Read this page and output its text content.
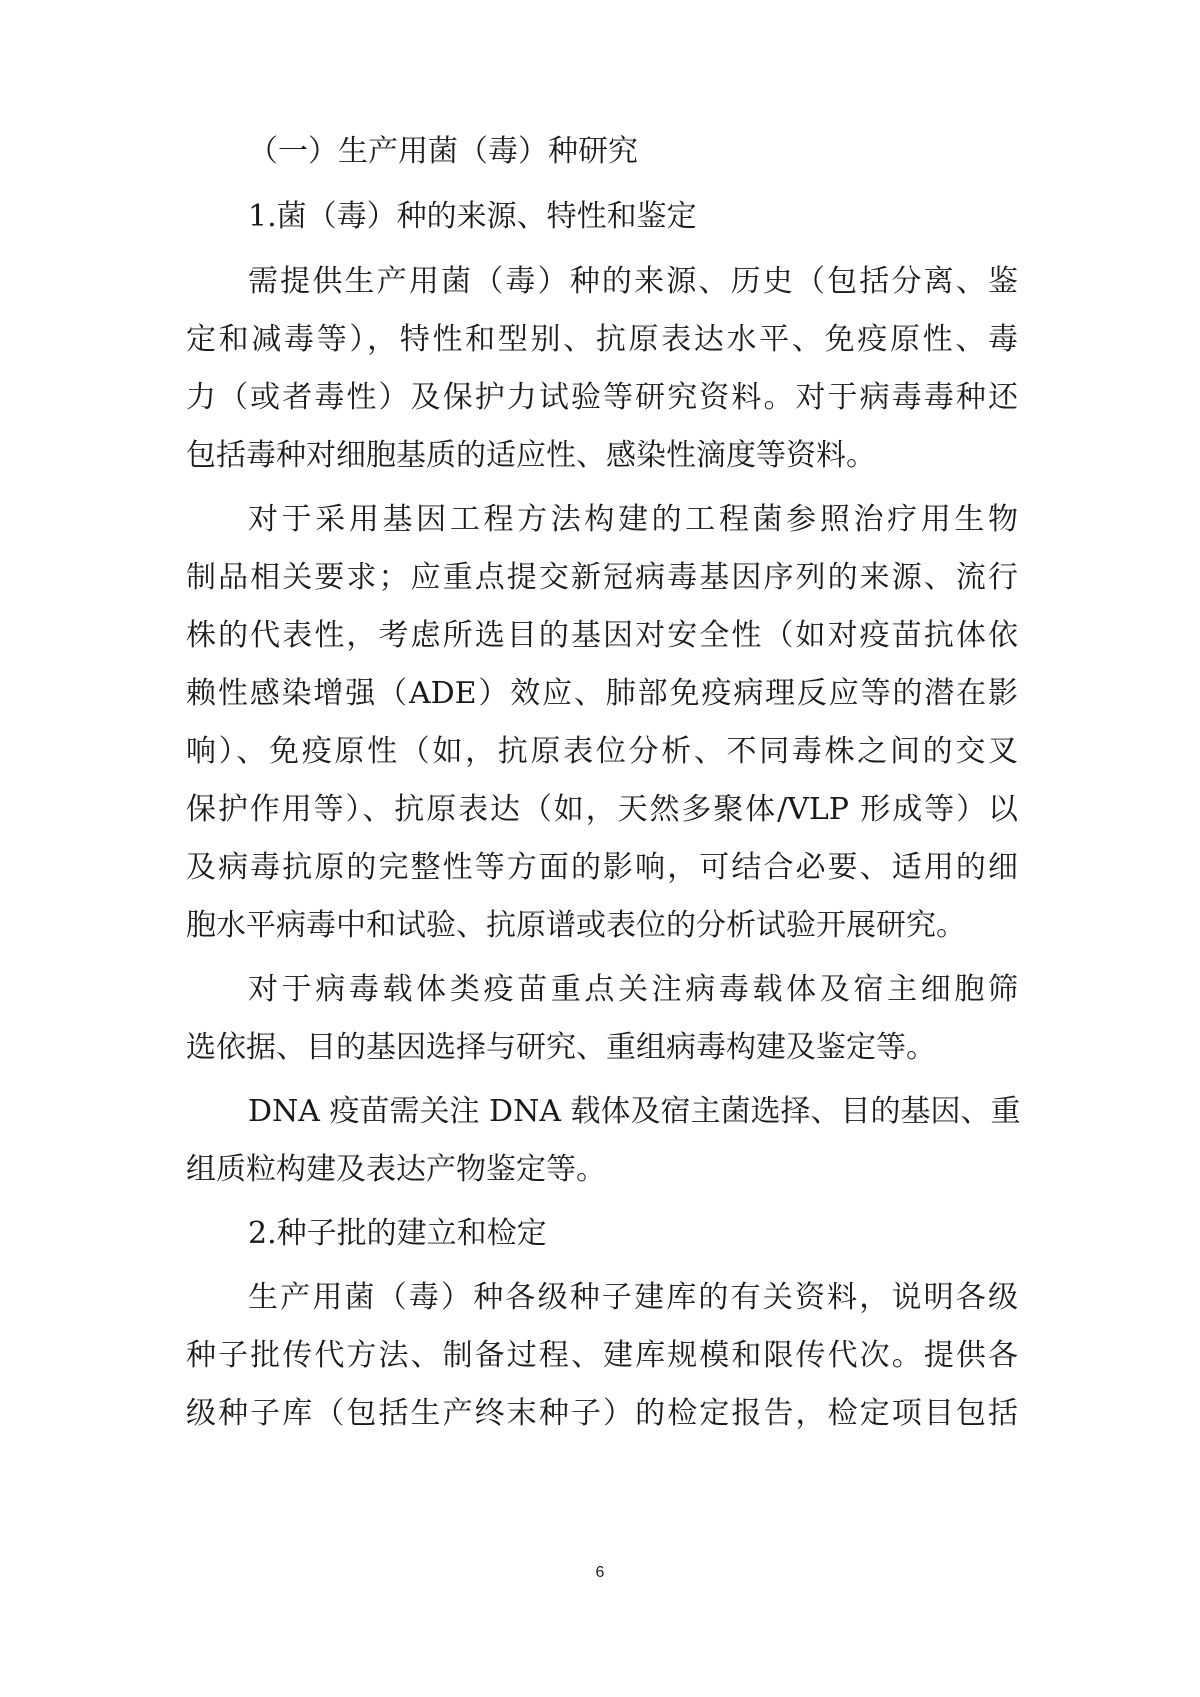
（一）生产用菌（毒）种研究
1.菌（毒）种的来源、特性和鉴定
需提供生产用菌（毒）种的来源、历史（包括分离、鉴
定和减毒等），特性和型别、抗原表达水平、免疫原性、毒
力（或者毒性）及保护力试验等研究资料。对于病毒毒种还
包括毒种对细胞基质的适应性、感染性滴度等资料。
对于采用基因工程方法构建的工程菌参照治疗用生物
制品相关要求；应重点提交新冠病毒基因序列的来源、流行
株的代表性，考虑所选目的基因对安全性（如对疫苗抗体依
赖性感染增强（ADE）效应、肺部免疫病理反应等的潜在影
响）、免疫原性（如，抗原表位分析、不同毒株之间的交叉
保护作用等）、抗原表达（如，天然多聚体/VLP 形成等）以
及病毒抗原的完整性等方面的影响，可结合必要、适用的细
胞水平病毒中和试验、抗原谱或表位的分析试验开展研究。
对于病毒载体类疫苗重点关注病毒载体及宿主细胞筛
选依据、目的基因选择与研究、重组病毒构建及鉴定等。
DNA 疫苗需关注 DNA 载体及宿主菌选择、目的基因、重
组质粒构建及表达产物鉴定等。
2.种子批的建立和检定
生产用菌（毒）种各级种子建库的有关资料，说明各级
种子批传代方法、制备过程、建库规模和限传代次。提供各
级种子库（包括生产终末种子）的检定报告，检定项目包括
6
